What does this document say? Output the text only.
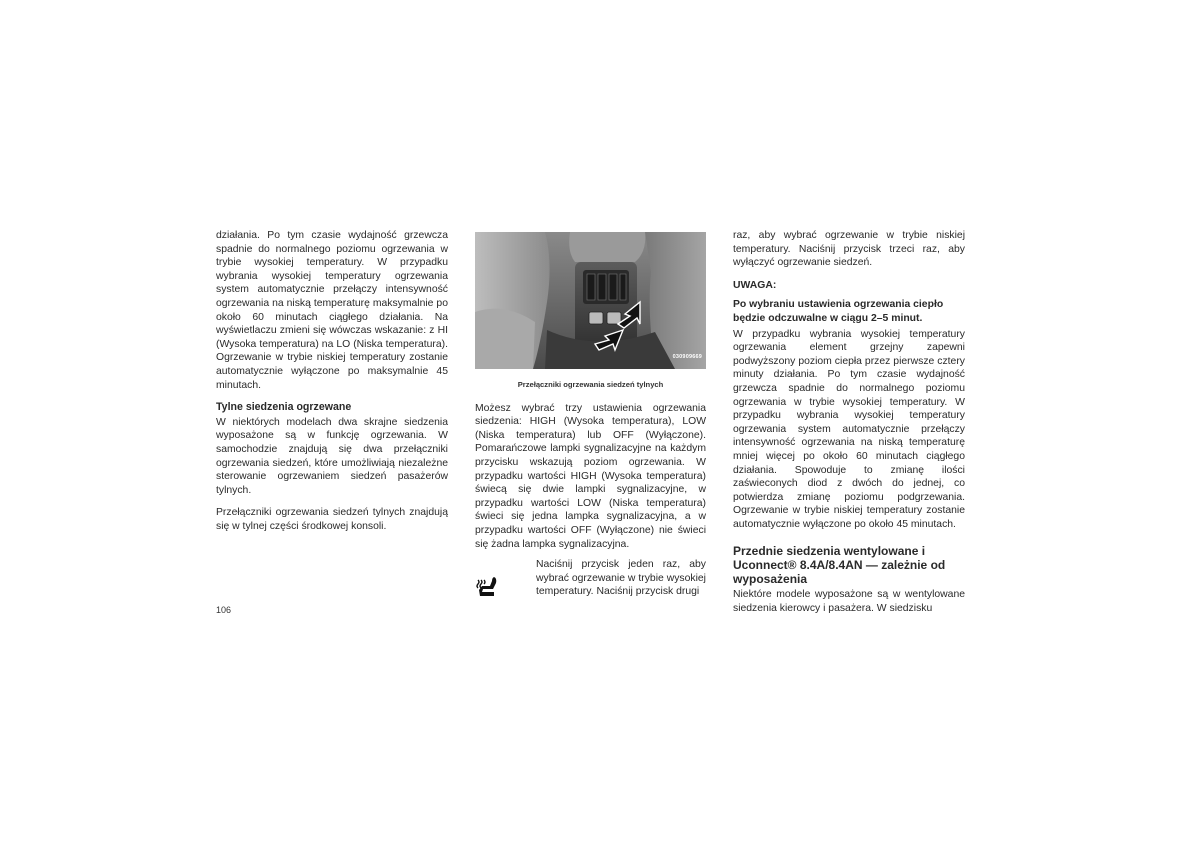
działania. Po tym czasie wydajność grzewcza spadnie do normalnego poziomu ogrzewania w trybie wysokiej temperatury. W przypadku wybrania wysokiej temperatury ogrzewania system automatycznie przełączy intensywność ogrzewania na niską temperaturę maksymalnie po około 60 minutach ciągłego działania. Na wyświetlaczu zmieni się wówczas wskazanie: z HI (Wysoka temperatura) na LO (Niska temperatura). Ogrzewanie w trybie niskiej temperatury zostanie automatycznie wyłączone po maksymalnie 45 minutach.

Tylne siedzenia ogrzewane

W niektórych modelach dwa skrajne siedzenia wyposażone są w funkcję ogrzewania. W samochodzie znajdują się dwa przełączniki ogrzewania siedzeń, które umożliwiają niezależne sterowanie ogrzewaniem siedzeń pasażerów tylnych.

Przełączniki ogrzewania siedzeń tylnych znajdują się w tylnej części środkowej konsoli.

030909669
Przełączniki ogrzewania siedzeń tylnych

Możesz wybrać trzy ustawienia ogrzewania siedzenia: HIGH (Wysoka temperatura), LOW (Niska temperatura) lub OFF (Wyłączone). Pomarańczowe lampki sygnalizacyjne na każdym przycisku wskazują poziom ogrzewania. W przypadku wartości HIGH (Wysoka temperatura) świecą się dwie lampki sygnalizacyjne, w przypadku wartości LOW (Niska temperatura) świeci się jedna lampka sygnalizacyjna, a w przypadku wartości OFF (Wyłączone) nie świeci się żadna lampka sygnalizacyjna.

Naciśnij przycisk jeden raz, aby wybrać ogrzewanie w trybie wysokiej temperatury. Naciśnij przycisk drugi

raz, aby wybrać ogrzewanie w trybie niskiej temperatury. Naciśnij przycisk trzeci raz, aby wyłączyć ogrzewanie siedzeń.

UWAGA:
Po wybraniu ustawienia ogrzewania ciepło będzie odczuwalne w ciągu 2–5 minut.

W przypadku wybrania wysokiej temperatury ogrzewania element grzejny zapewni podwyższony poziom ciepła przez pierwsze cztery minuty działania. Po tym czasie wydajność grzewcza spadnie do normalnego poziomu ogrzewania w trybie wysokiej temperatury. W przypadku wybrania wysokiej temperatury ogrzewania system automatycznie przełączy intensywność ogrzewania na niską temperaturę mniej więcej po około 60 minutach ciągłego działania. Spowoduje to zmianę ilości zaświeconych diod z dwóch do jednej, co potwierdza zmianę poziomu podgrzewania. Ogrzewanie w trybie niskiej temperatury zostanie automatycznie wyłączone po około 45 minutach.

Przednie siedzenia wentylowane i Uconnect® 8.4A/8.4AN — zależnie od wyposażenia

Niektóre modele wyposażone są w wentylowane siedzenia kierowcy i pasażera. W siedzisku

106
